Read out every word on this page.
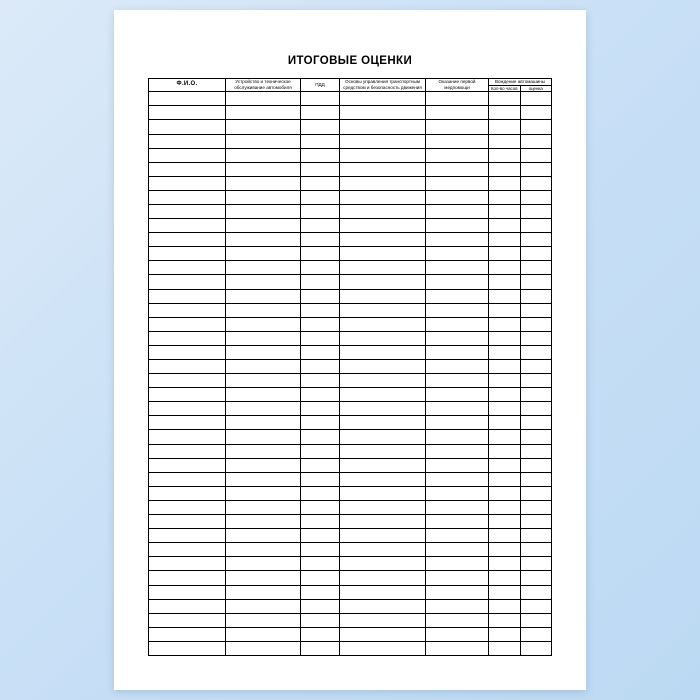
ИТОГОВЫЕ ОЦЕНКИ
Ф.И.О.	Устройство и техническое обслуживание автомобиля	ПДД	Основы управления транспортным средством и безопасность движения	Оказание первой медпомощи	Вождение автомашины	
					Кол-во часов	оценка
